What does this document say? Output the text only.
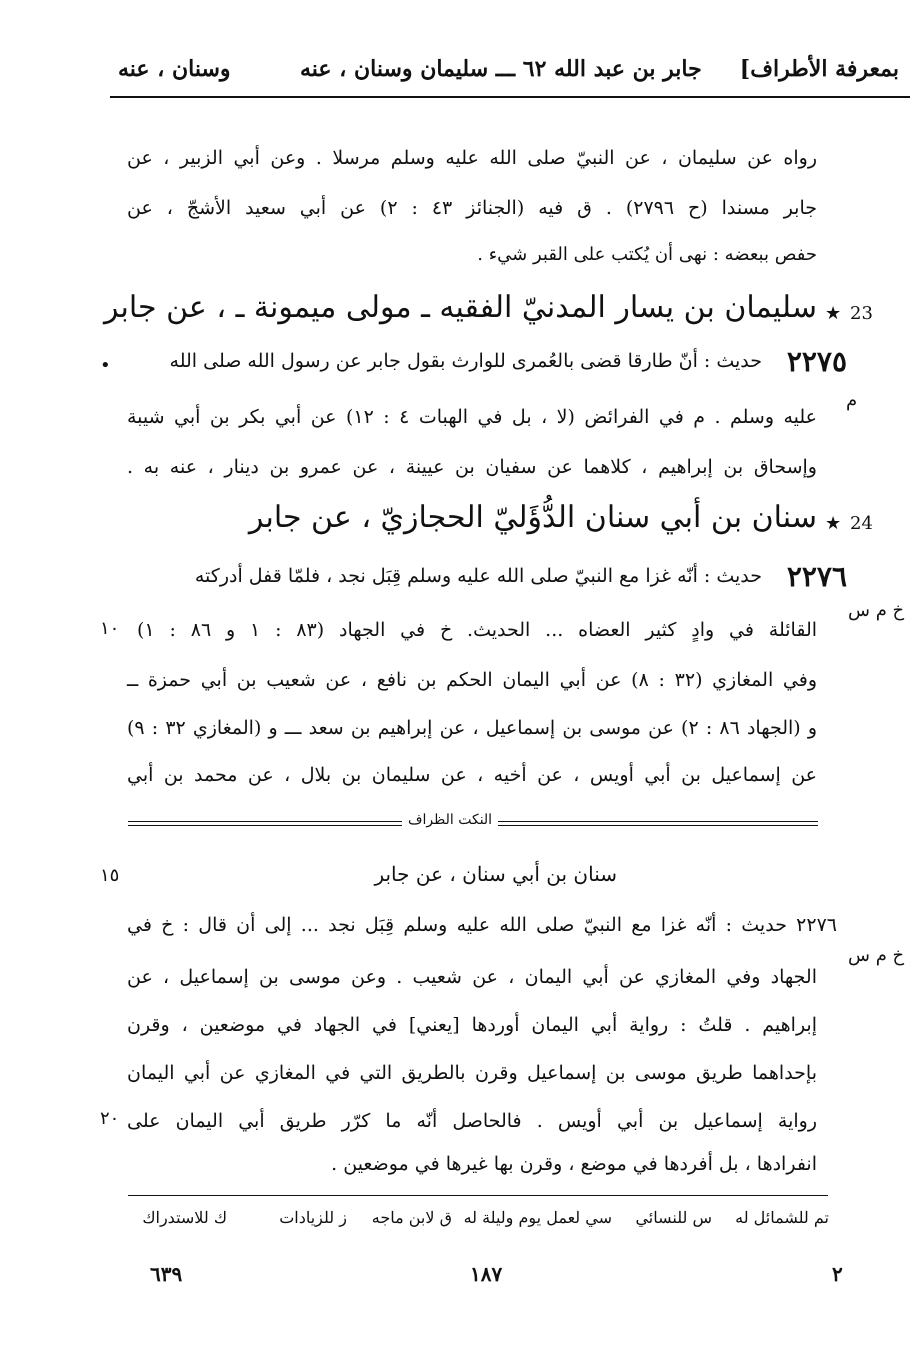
بمعرفة الأطراف]
جابر بن عبد الله ٦٢ ـــ سليمان وسنان ، عنه
وسنان ، عنه
رواه عن سليمان ، عن النبيّ صلى الله عليه وسلم مرسلا . وعن أبي الزبير ، عن
جابر مسندا (ح ٢٧٩٦) . ق فيه (الجنائز ٤٣ : ٢) عن أبي سعيد الأشجّ ، عن
حفص ببعضه : نهى أن يُكتب على القبر شيء .
23
★
سليمان بن يسار المدنيّ الفقيه ـ مولى ميمونة ـ ، عن جابر
٢٢٧٥
•
م
حديث : أنّ طارقا قضى بالعُمرى للوارث بقول جابر عن رسول الله صلى الله
عليه وسلم . م في الفرائض (لا ، بل في الهبات ٤ : ١٢) عن أبي بكر بن أبي شيبة
وإسحاق بن إبراهيم ، كلاهما عن سفيان بن عيينة ، عن عمرو بن دينار ، عنه به .
24
★
سنان بن أبي سنان الدُّؤَليّ الحجازيّ ، عن جابر
٢٢٧٦
خ م س
١٠
حديث : أنّه غزا مع النبيّ صلى الله عليه وسلم قِبَل نجد ، فلمّا قفل أدركته
القائلة في وادٍ كثير العضاه ... الحديث. خ في الجهاد (٨٣ : ١ و ٨٦ : ١)
وفي المغازي (٣٢ : ٨) عن أبي اليمان الحكم بن نافع ، عن شعيب بن أبي حمزة ــ
و (الجهاد ٨٦ : ٢) عن موسى بن إسماعيل ، عن إبراهيم بن سعد ـــ و (المغازي ٣٢ : ٩)
عن إسماعيل بن أبي أويس ، عن أخيه ، عن سليمان بن بلال ، عن محمد بن أبي
النكت الظراف
١٥	سنان بن أبي سنان ، عن جابر
خ م س
٢٢٧٦ حديث : أنّه غزا مع النبيّ صلى الله عليه وسلم قِبَل نجد ... إلى أن قال : خ في
الجهاد وفي المغازي عن أبي اليمان ، عن شعيب . وعن موسى بن إسماعيل ، عن
إبراهيم . قلتُ : رواية أبي اليمان أوردها [يعني] في الجهاد في موضعين ، وقرن
بإحداهما طريق موسى بن إسماعيل وقرن بالطريق التي في المغازي عن أبي اليمان
٢٠ رواية إسماعيل بن أبي أويس . فالحاصل أنّه ما كرّر طريق أبي اليمان على
انفرادها ، بل أفردها في موضع ، وقرن بها غيرها في موضعين .
تم للشمائل له
س للنسائي
سي لعمل يوم وليلة له
ق لابن ماجه
ز للزيادات
ك للاستدراك
٢
١٨٧
٦٣٩
